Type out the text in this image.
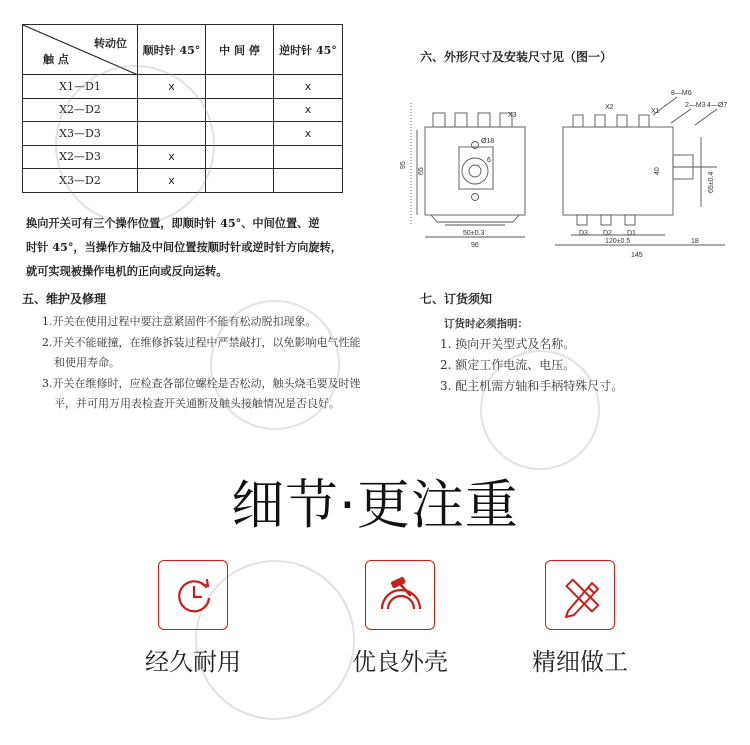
转动位
触 点	顺时针 45°	中 间 停	逆时针 45°
X1—D1	x		x
X2—D2			x
X3—D3			x
X2—D3	x		
X3—D2	x		
换向开关可有三个操作位置，即顺时针 45°、中间位置、逆
时针 45°，当操作方轴及中间位置按顺时针或逆时针方向旋转，
就可实现被操作电机的正向或反向运转。
五、维护及修理

1.开关在使用过程中要注意紧固件不能有松动脱扣现象。

2.开关不能碰撞，在维修拆装过程中严禁敲打，以免影响电气性能

和使用寿命。

3.开关在维修时，应检查各部位螺栓是否松动，触头烧毛要及时锉

平，并可用万用表检查开关通断及触头接触情况是否良好。

六、外形尺寸及安装尺寸见（图一）
X3
Ø18
6
95
65
50±0.3
96
X2
X1
8—M6
2—M3 4—Ø7
40
65±0.4
D3 D2 D1
120±0.5	18
145
七、订货须知
订货时必须指明：

1. 换向开关型式及名称。

2. 额定工作电流、电压。

3. 配主机需方轴和手柄特殊尺寸。

细节·更注重
经久耐用	优良外壳	精细做工
